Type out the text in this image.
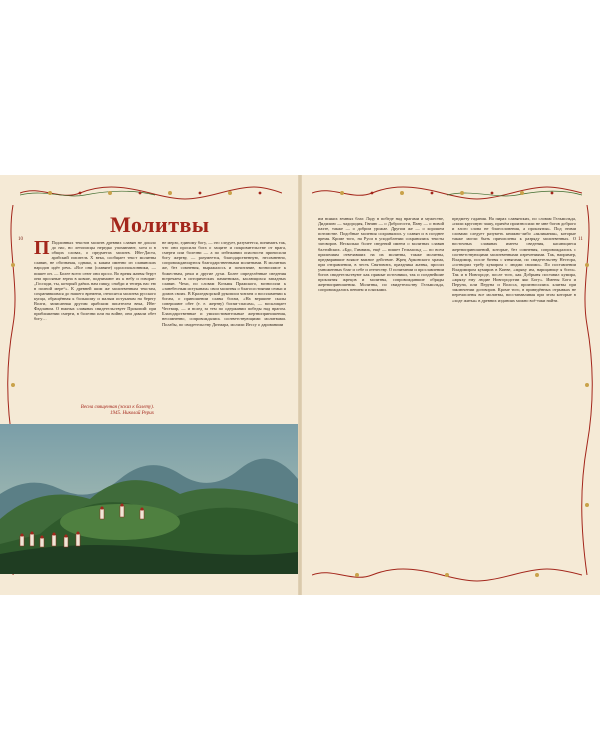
10	11
Молитвы
П Подлинных текстов молитв древних славян не дошло до нас, но летописцы нередко упоминают, хота и в общих словах, о предметах молитв. Ибн-Даста, арабский писатель X века, сообщает текст молитвы славян, не обозначая, однако, к каким именно из славянских народов идёт речь. «Все они (славяне) идолопоклонники, — пишет он. — Более всего сеют они просо. Во время жатвы берут они просяные зерна в ковше, поднимают их к небу и говорят: „Господи, ты, который даёшь нам пищу, снабди и теперь нас ею в полной мере“». К древней шим же молитвенным текстам, сохранившимся до нашего времени, относятся молитва русского купца, обращённая к большому и малым истуканам на берегу Волги, записанная другим арабским писателем века, Ибн-Фадланом. О южных славянах свидетельствует Прокопий: при приближении смерти, в болезни или на войне, они давали обет богу…
не мерзо, единому богу, — это следует, разумеется, понимать так, что они просили бога о защите и покровительстве от врага, смерти или болезни — а по избежании опасности приносили богу жертву, — разумеется, благодарственную, несомненно, сопровождающуюся благодарственными молитвами. В молитвах же, без сомнения, выражалось и почитание, возносимое к божествам, реки и другие духи. Более определённые сведения встречаем в исторических памятниках, касающихся западных славян. Чехи, по словам Козьмы Пражского, возносили к «занебесным истуканам» свои молитвы о благосостоянии семьи и домов своих. В Краледворской рукописи читаем о воспламении к богам, о приношении славы богам, «На вершине скалы совершают обет (т. е. жертву) богам-спасам», — восклицает Честмир, — и вслед за тем по одержании победы над врагом. Благодарственные и умилостивительные жертвоприношения, несомненно, сопровождались соответствующими молитвами. Полабы, по свидетельству Дитмара, молили Иессу о дарованиии
Весна священная (эскиз к балету).
1945. Николай Рерих
им всяких земных благ. Ладу в победе над врагами и мужестве, Дидилию — чадородия, Гвнию — о Доброгости, Пану — о новой пахте, также — о добром урожае. Другим же — о хорошем потомстве. Подобные моления сохранялись у славян и в позднее время. Кроме того, на Руси в уподоблении сохранились тексты заговоров. Несколько более сведений имеем о молитвах славян балтийских. «Бдо, Гимвиль, ещё — пишет Гельмольд — по всем приличиям отвечавших на их молитвы, также молитвы, предварявшие всякое важное действие. Жрец Арконского храма, при отправлении, в честь Святовита, праздника жатвы, просил умноженных благ и себе и отечеству. О почитании и прославлении богов свидетельствуют как прямые источники, так и позднейшие проклятия жрецов и молитвы, сопровождавшие обряды жертвоприношения. Молитвы, по свидетельству Гельмольда, сопровождались пением и плясками.
предмету гадания. На пирах славянских, по словам Гельмольда, «пили круговую чашу, причём произносили не мне богов доброго и злого слова не благословения, а проклятия». Под этими словами следует разуметь книжно-либо «акликания», которые также могли быть причислены к разряду молитвенных. О восточных славянах имеем сведения, касающиеся жертвоприношений, которые, без сомнения, сопровождались с соответствующими молитвенными изречениями. Так, например, Владимир, после битвы с ятвягами, по свидетельству Нестора, «сотворил требу кумиром с людми своими». По поставлении Владимиром кумиров в Киеве, «жряху им, нарицающе я боги». Так и в Новгороде, после того, как Добрыня поставил кумира, «жряху ему людие Новгородстии яко Богу». Имены Бога и Перуна, или Перуна и Волоса, произносились клятвы при заключении договоров. Кроме того, в приведённых отрывках не перечислены все молитвы, восстанавливая при этом которые в «ходе житья» в древних изданиях можно всё-таки найти.
